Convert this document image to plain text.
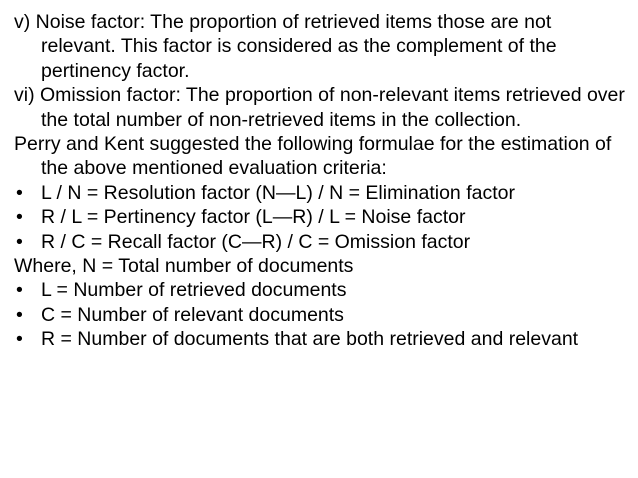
v) Noise factor: The proportion of retrieved items those are not relevant. This factor is considered as the complement of the pertinency factor.

vi) Omission factor: The proportion of non-relevant items retrieved over the total number of non-retrieved items in the collection.

Perry and Kent suggested the following formulae for the estimation of the above mentioned evaluation criteria:

• L / N = Resolution factor (N—L) / N = Elimination factor
• R / L = Pertinency factor (L—R) / L = Noise factor
• R / C = Recall factor (C—R) / C = Omission factor

Where, N = Total number of documents

• L = Number of retrieved documents
• C = Number of relevant documents
• R = Number of documents that are both retrieved and relevant
